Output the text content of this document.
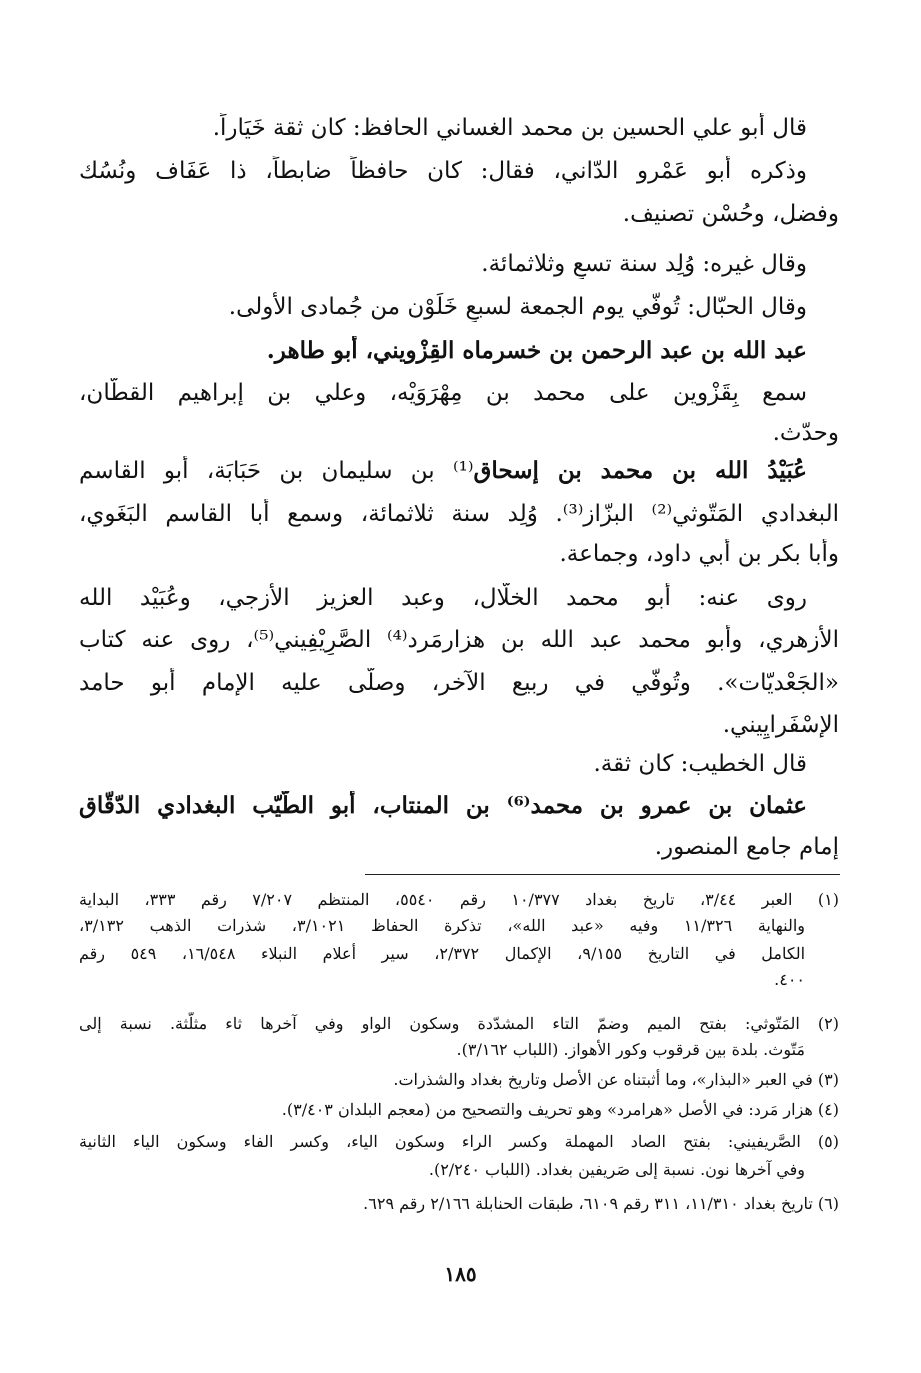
قال أبو علي الحسين بن محمد الغساني الحافظ: كان ثقة خَيَاراً.
وذكره أبو عَمْرو الدّاني، فقال: كان حافظاً ضابطاً، ذا عَفَاف ونُسُك
وفضل، وحُسْن تصنيف.
وقال غيره: وُلِد سنة تسعٍ وثلاثمائة.
وقال الحبّال: تُوفّي يوم الجمعة لسبعٍ خَلَوْن من جُمادى الأولى.
عبد الله بن عبد الرحمن بن خسرماه القِزْويني، أبو طاهر.
سمع بِقَزْوين على محمد بن مِهْرَوَيْه، وعلي بن إبراهيم القطّان،
وحدّث.
عُبَيْدُ الله بن محمد بن إسحاق⁽¹⁾ بن سليمان بن حَبَابَة، أبو القاسم
البغدادي المَتّوثي⁽²⁾ البزّاز⁽³⁾. وُلِد سنة ثلاثمائة، وسمع أبا القاسم البَغَوي،
وأبا بكر بن أبي داود، وجماعة.
روى عنه: أبو محمد الخلّال، وعبد العزيز الأزجي، وعُبَيْد الله
الأزهري، وأبو محمد عبد الله بن هزارمَرد⁽⁴⁾ الصَّرِيْفِيني⁽⁵⁾، روى عنه كتاب
«الجَعْديّات». وتُوفّي في ربيع الآخر، وصلّى عليه الإمام أبو حامد
الإسْفَرايِيني.
قال الخطيب: كان ثقة.
عثمان بن عمرو بن محمد⁽⁶⁾ بن المنتاب، أبو الطّيّب البغدادي الدّقّاق
إمام جامع المنصور.
(١) العبر ٣/٤٤، تاريخ بغداد ١٠/٣٧٧ رقم ٥٥٤٠، المنتظم ٧/٢٠٧ رقم ٣٣٣، البداية
والنهاية ١١/٣٢٦ وفيه «عبد الله»، تذكرة الحفاظ ٣/١٠٢١، شذرات الذهب ٣/١٣٢،
الكامل في التاريخ ٩/١٥٥، الإكمال ٢/٣٧٢، سير أعلام النبلاء ١٦/٥٤٨، ٥٤٩ رقم
٤٠٠.
(٢) المَتّوثي: بفتح الميم وضمّ التاء المشدّدة وسكون الواو وفي آخرها ثاء مثلّثة. نسبة إلى
مَتّوث. بلدة بين قرقوب وكور الأهواز. (اللباب ٣/١٦٢).
(٣) في العبر «البذار»، وما أثبتناه عن الأصل وتاريخ بغداد والشذرات.
(٤) هزار مَرد: في الأصل «هرامرد» وهو تحريف والتصحيح من (معجم البلدان ٣/٤٠٣).
(٥) الصَّريفيني: بفتح الصاد المهملة وكسر الراء وسكون الياء، وكسر الفاء وسكون الياء الثانية
وفي آخرها نون. نسبة إلى صَريفين بغداد. (اللباب ٢/٢٤٠).
(٦) تاريخ بغداد ١١/٣١٠، ٣١١ رقم ٦١٠٩، طبقات الحنابلة ٢/١٦٦ رقم ٦٢٩.
١٨٥
